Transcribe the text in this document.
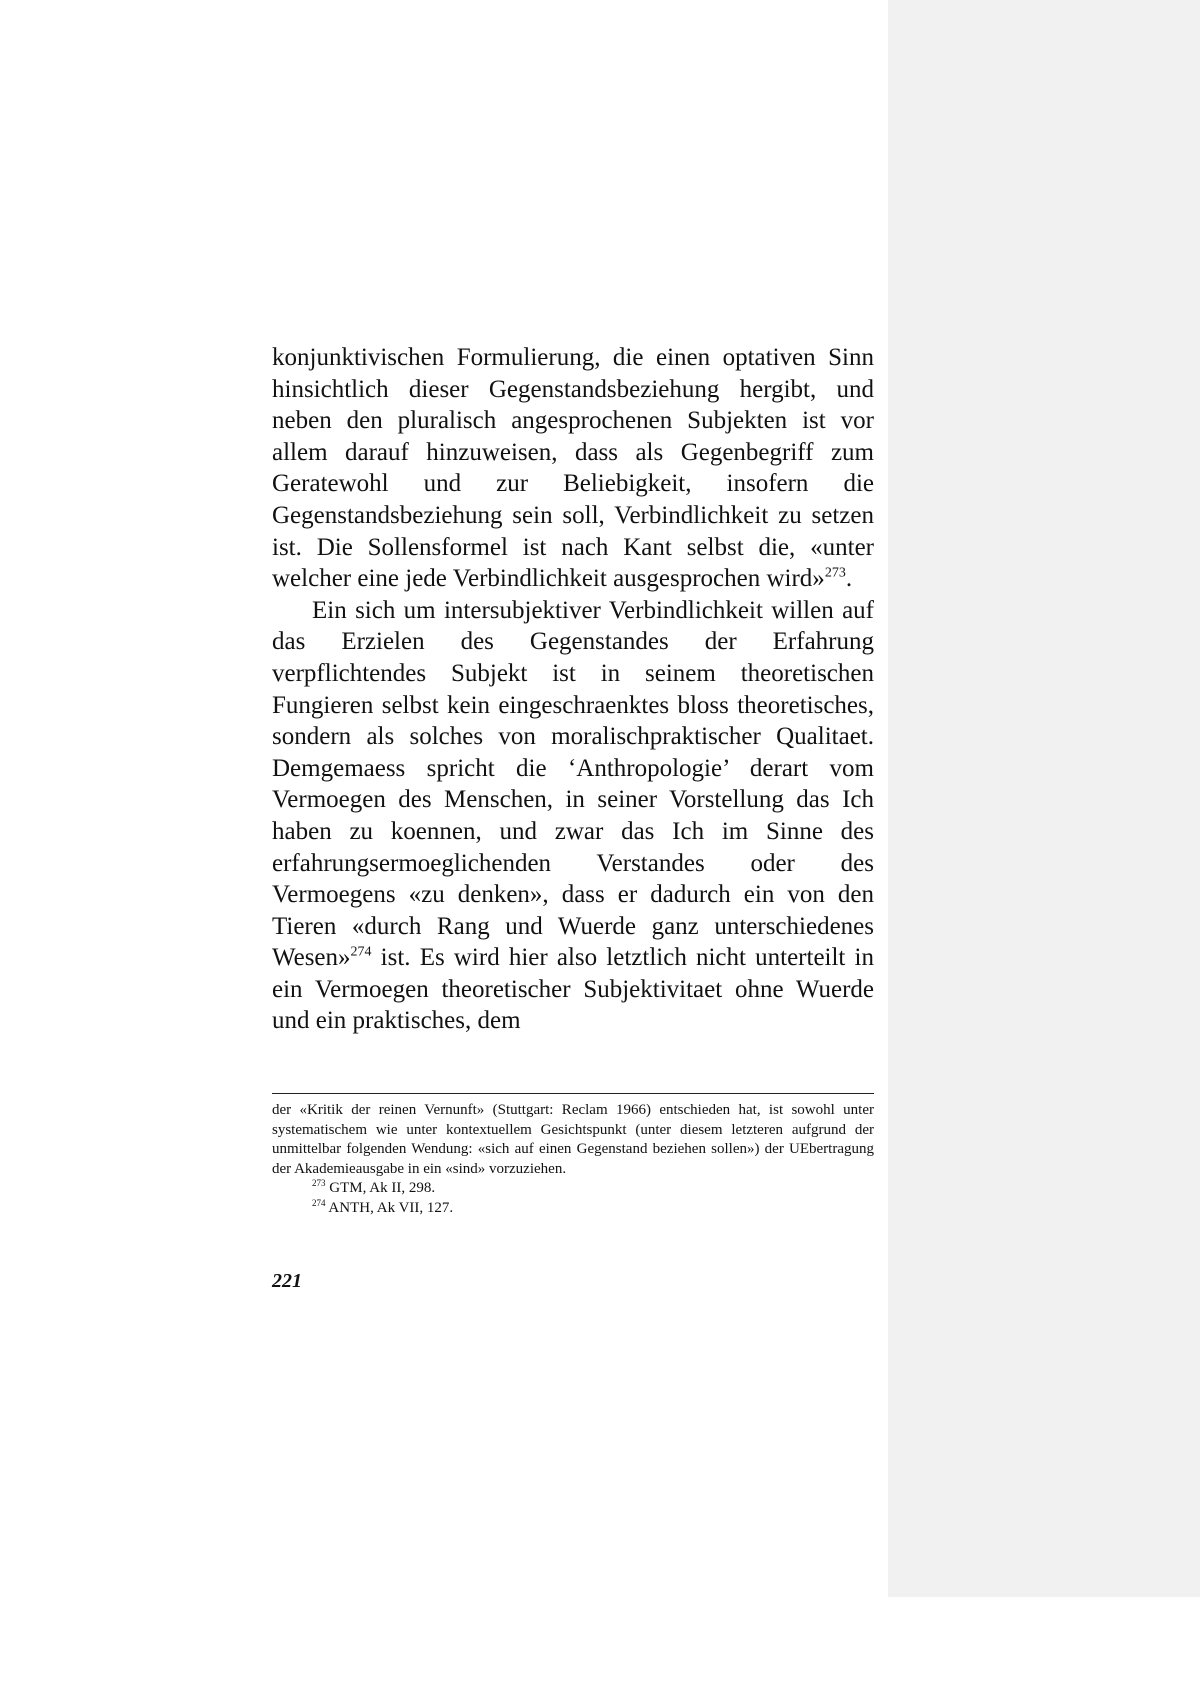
konjunktivischen Formulierung, die einen optativen Sinn hinsichtlich dieser Gegenstandsbeziehung hergibt, und neben den pluralisch angesprochenen Subjekten ist vor allem darauf hinzuweisen, dass als Gegenbegriff zum Geratewohl und zur Beliebigkeit, insofern die Gegenstandsbeziehung sein soll, Verbindlichkeit zu setzen ist. Die Sollensformel ist nach Kant selbst die, «unter welcher eine jede Verbindlichkeit ausgesprochen wird»$^{273}$.

Ein sich um intersubjektiver Verbindlichkeit willen auf das Erzielen des Gegenstandes der Erfahrung verpflichtendes Subjekt ist in seinem theoretischen Fungieren selbst kein eingeschraenktes bloss theoretisches, sondern als solches von moralischpraktischer Qualitaet. Demgemaess spricht die ‘Anthropologie’ derart vom Vermoegen des Menschen, in seiner Vorstellung das Ich haben zu koennen, und zwar das Ich im Sinne des erfahrungsermoeglichenden Verstandes oder des Vermoegens «zu denken», dass er dadurch ein von den Tieren «durch Rang und Wuerde ganz unterschiedenes Wesen»$^{274}$ ist. Es wird hier also letztlich nicht unterteilt in ein Vermoegen theoretischer Subjektivitaet ohne Wuerde und ein praktisches, dem

der «Kritik der reinen Vernunft» (Stuttgart: Reclam 1966) entschieden hat, ist sowohl unter systematischem wie unter kontextuellem Gesichtspunkt (unter diesem letzteren aufgrund der unmittelbar folgenden Wendung: «sich auf einen Gegenstand beziehen sollen») der UEbertragung der Akademieausgabe in ein «sind» vorzuziehen.

$^{273}$ GTM, Ak II, 298.

$^{274}$ ANTH, Ak VII, 127.

221
